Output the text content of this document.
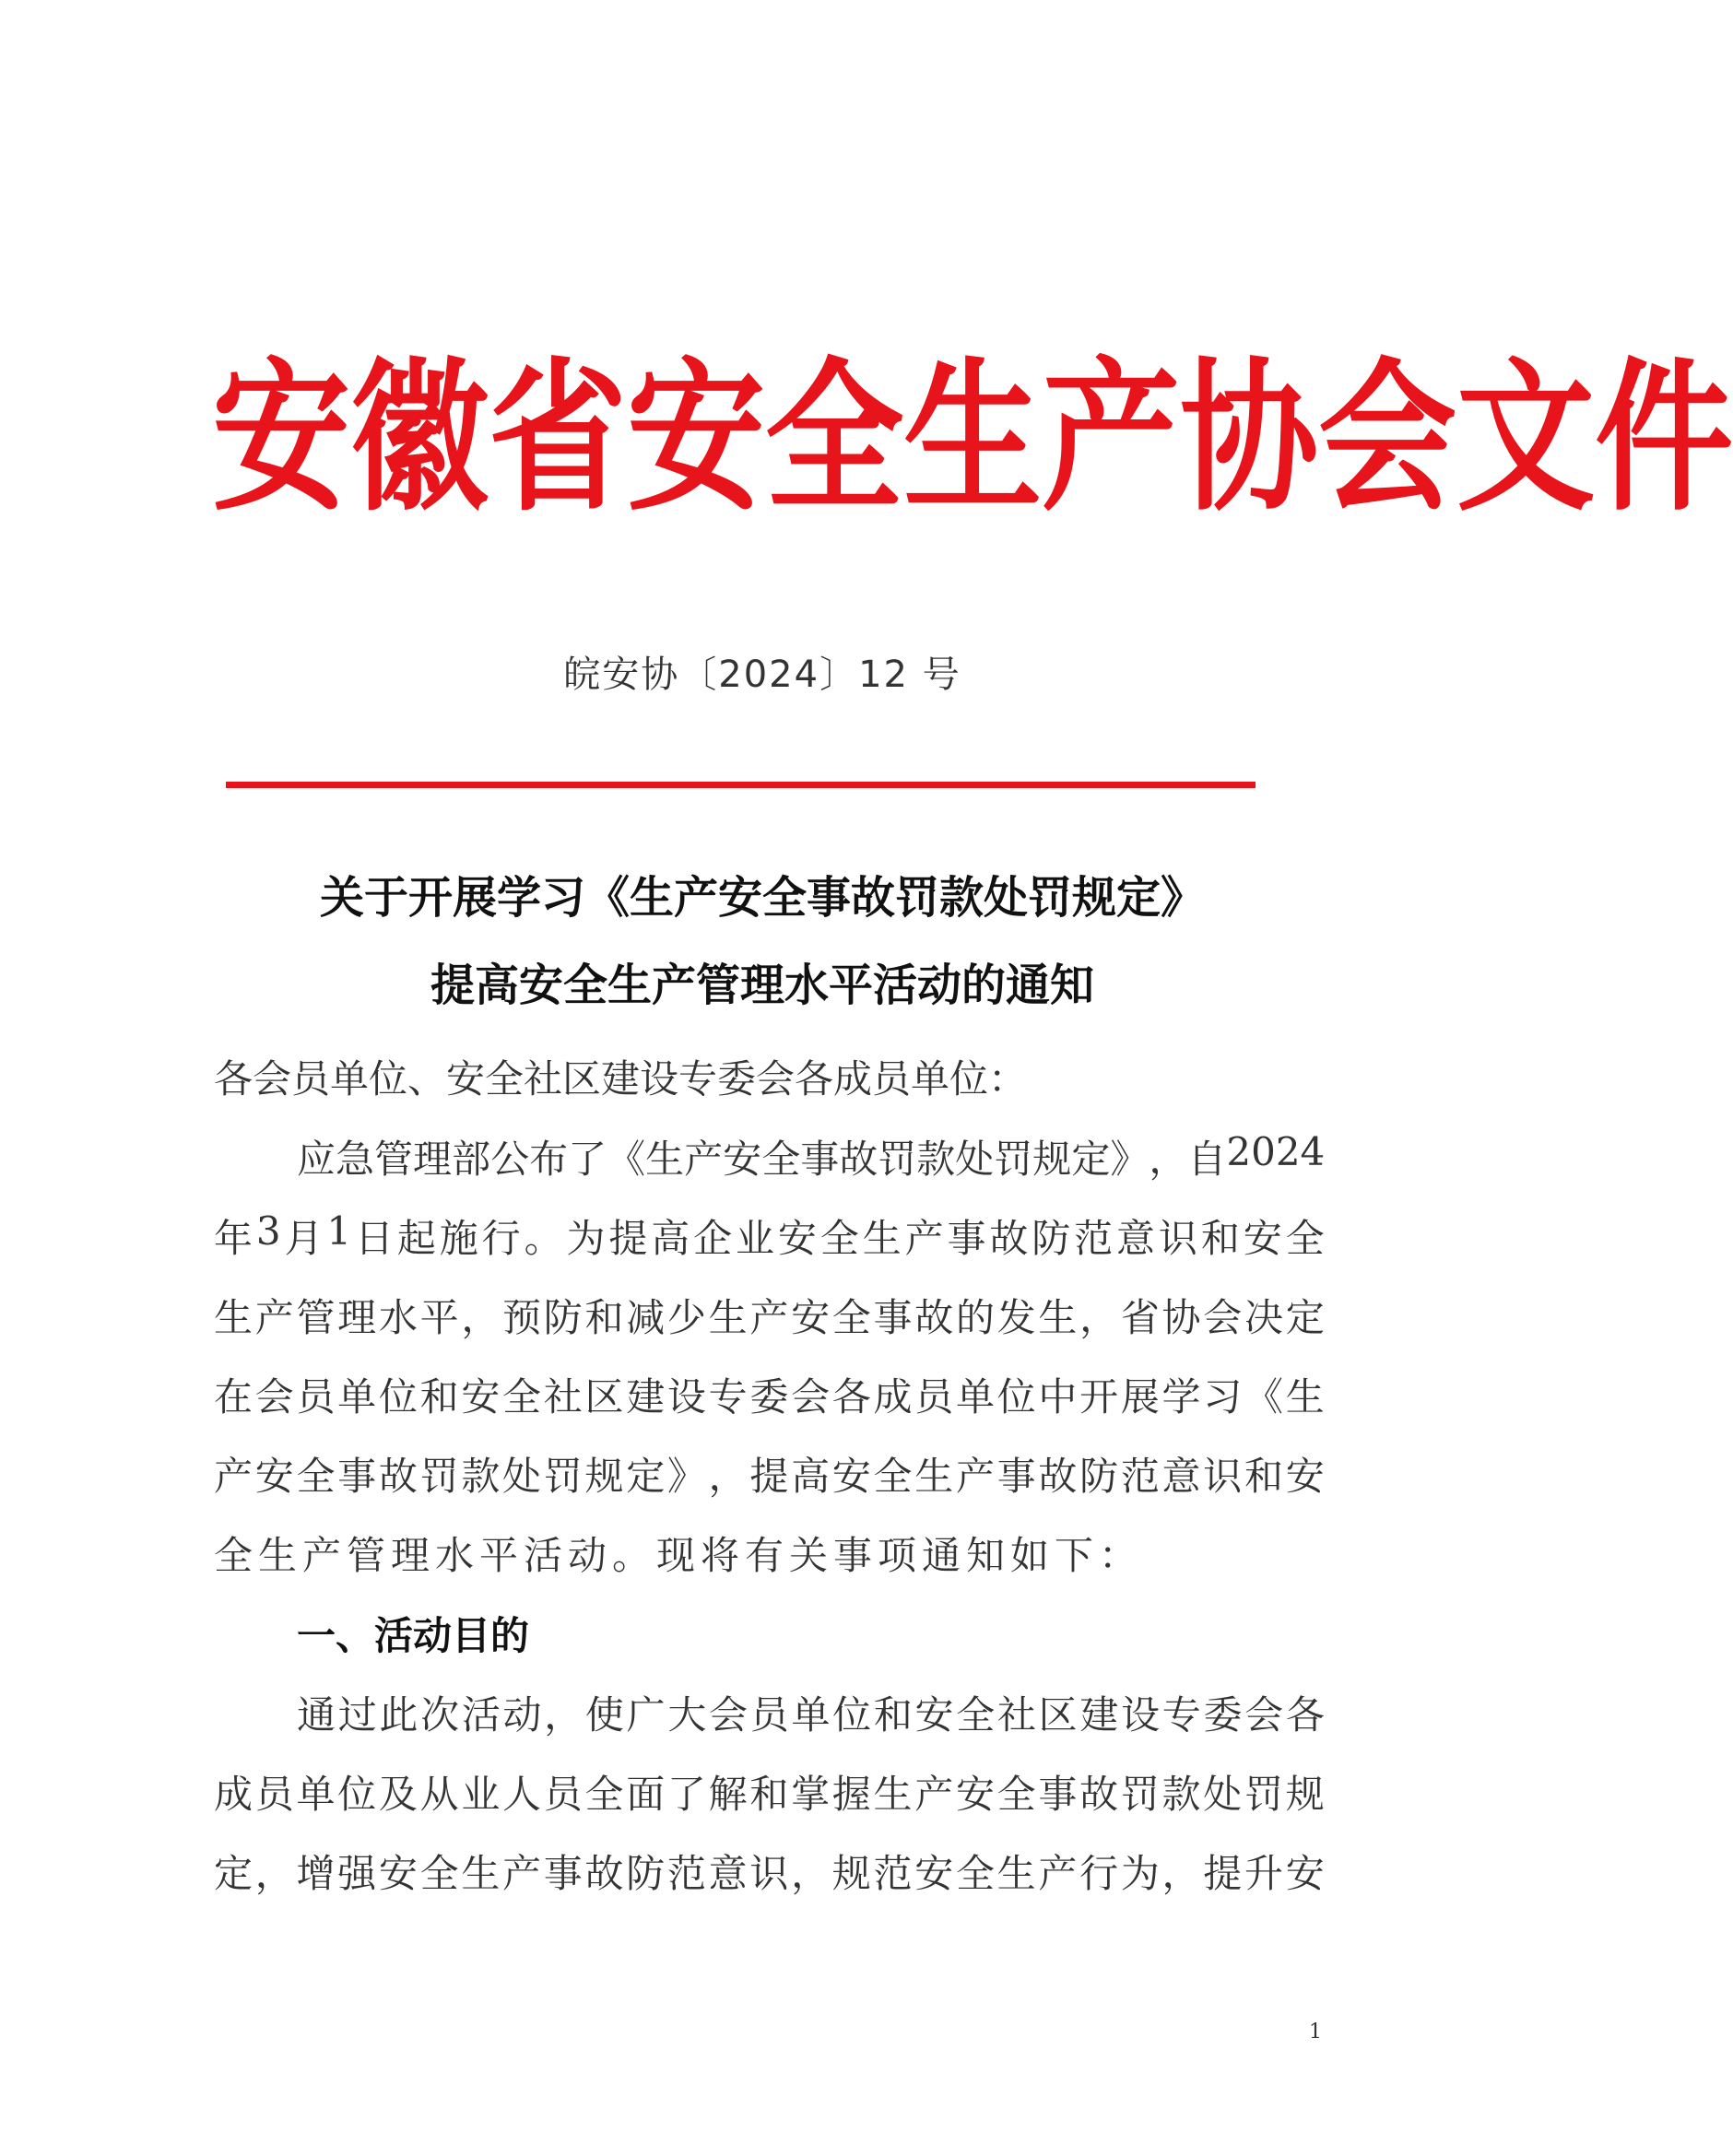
安 徽 省 安 全 生 产 协 会 文 件
皖安协〔2024〕12 号
关于开展学习《生产安全事故罚款处罚规定》
提高安全生产管理水平活动的通知
各会员单位、安全社区建设专委会各成员单位：
应 急 管 理 部 公 布 了 《 生 产 安 全 事 故 罚 款 处 罚 规 定 》 ， 自 2024
年 3 月 1 日 起 施 行 。 为 提 高 企 业 安 全 生 产 事 故 防 范 意 识 和 安 全
生 产 管 理 水 平 ， 预 防 和 减 少 生 产 安 全 事 故 的 发 生 ， 省 协 会 决 定
在 会 员 单 位 和 安 全 社 区 建 设 专 委 会 各 成 员 单 位 中 开 展 学 习 《 生
产 安 全 事 故 罚 款 处 罚 规 定 》 ， 提 高 安 全 生 产 事 故 防 范 意 识 和 安
全生产管理水平活动。现将有关事项通知如下：
一、活动目的
通 过 此 次 活 动 ， 使 广 大 会 员 单 位 和 安 全 社 区 建 设 专 委 会 各
成 员 单 位 及 从 业 人 员 全 面 了 解 和 掌 握 生 产 安 全 事 故 罚 款 处 罚 规
定 ， 增 强 安 全 生 产 事 故 防 范 意 识 ， 规 范 安 全 生 产 行 为 ， 提 升 安
1
